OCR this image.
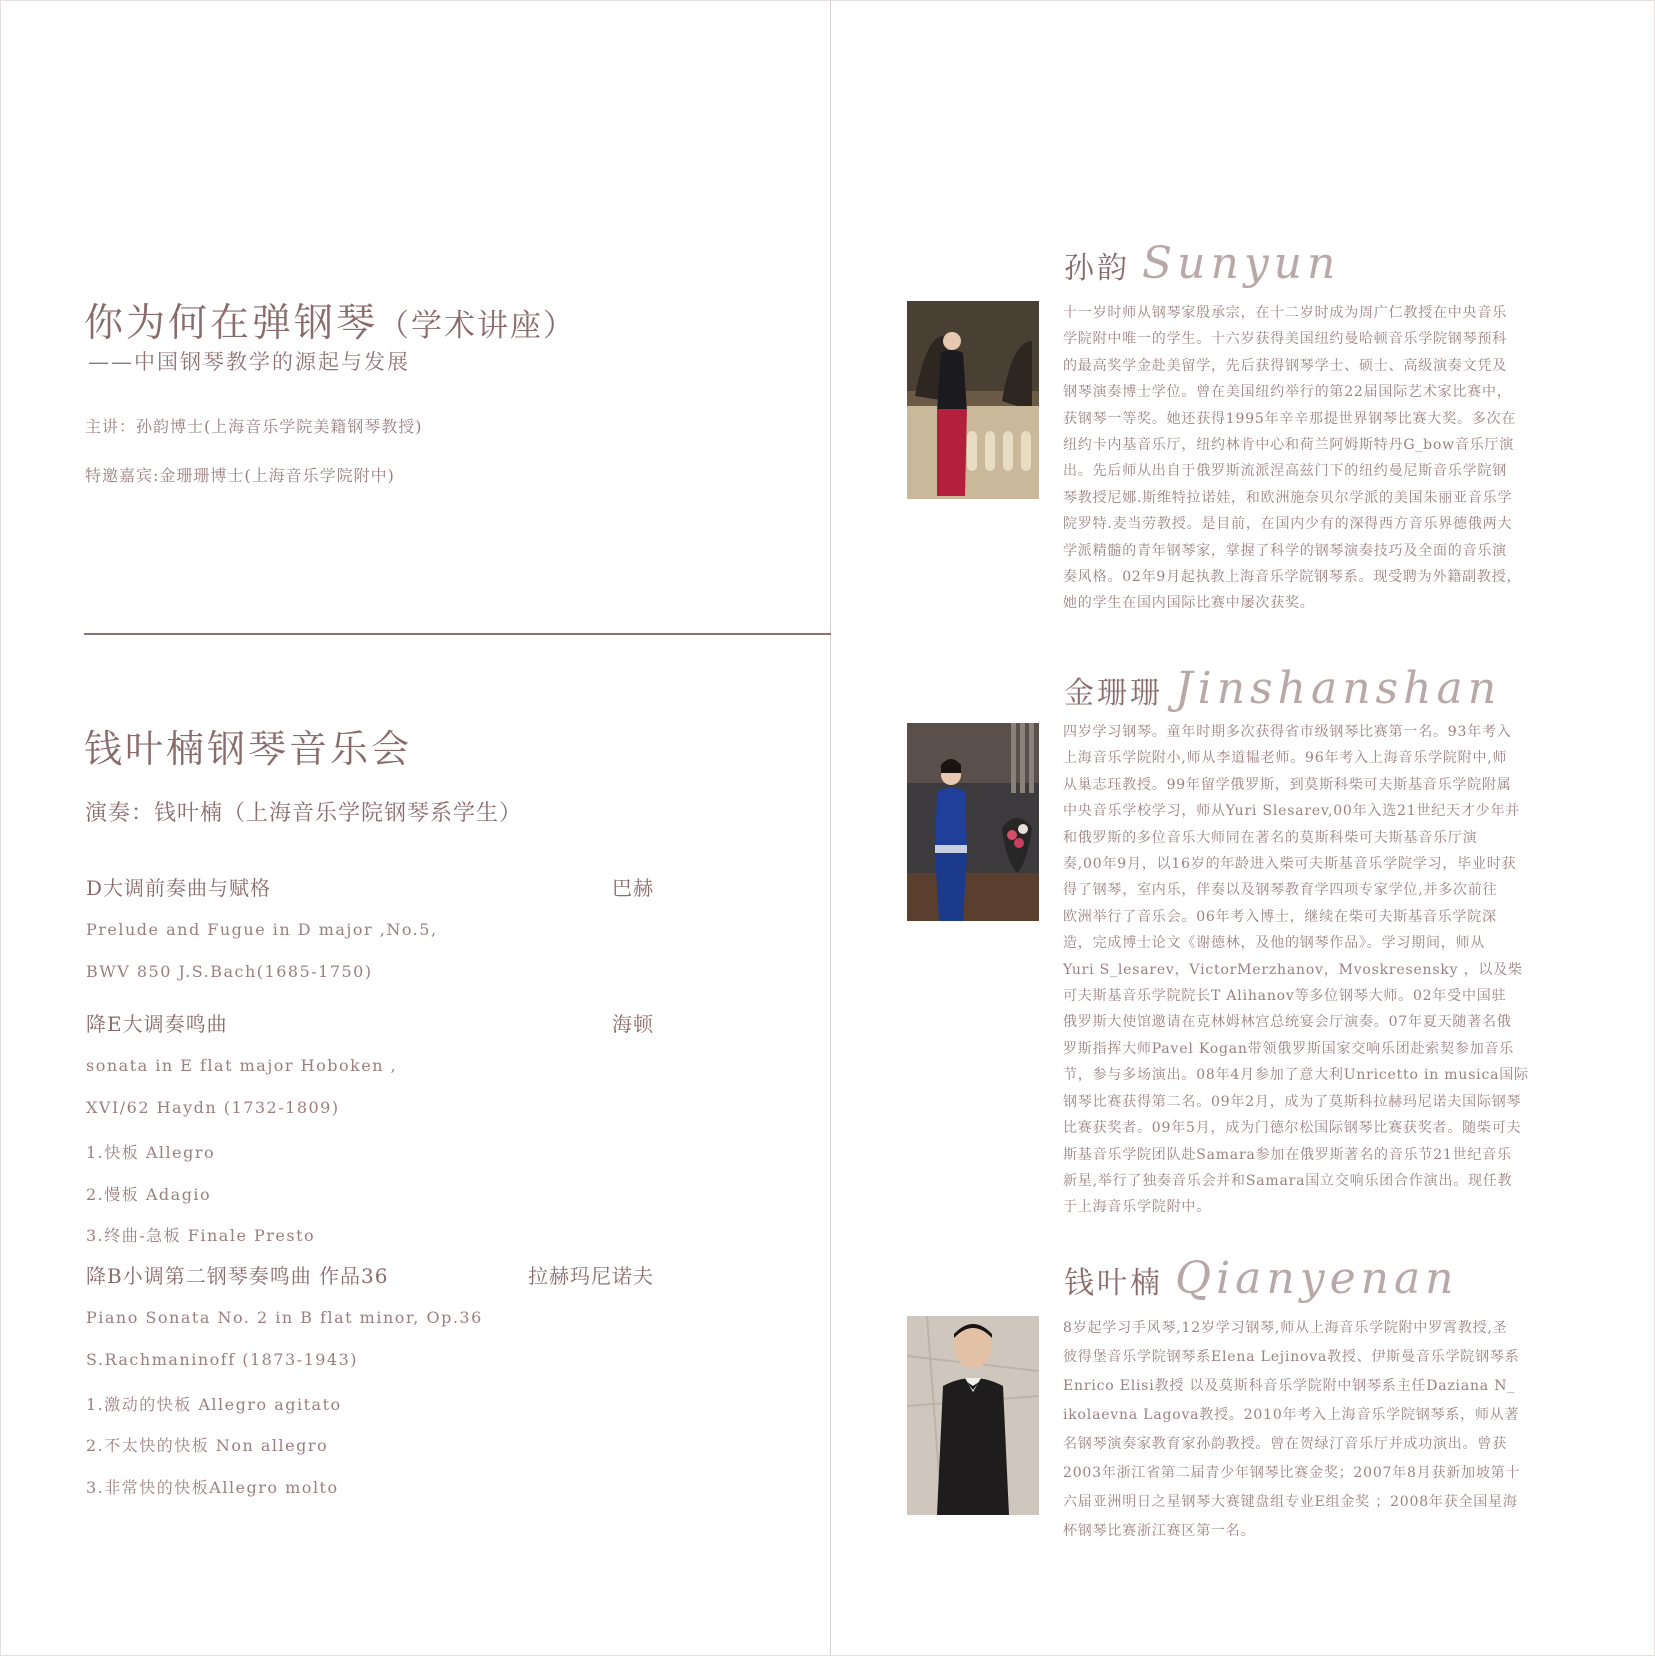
你为何在弹钢琴（学术讲座）
——中国钢琴教学的源起与发展
主讲：孙韵博士(上海音乐学院美籍钢琴教授)
特邀嘉宾:金珊珊博士(上海音乐学院附中)
钱叶楠钢琴音乐会
演奏：钱叶楠（上海音乐学院钢琴系学生）
D大调前奏曲与赋格	巴赫
Prelude and Fugue in D major ,No.5,
BWV 850 J.S.Bach(1685-1750)
降E大调奏鸣曲	海顿
sonata in E flat major Hoboken ,
XVI/62 Haydn (1732-1809)
1.快板 Allegro
2.慢板 Adagio
3.终曲-急板 Finale Presto
降B小调第二钢琴奏鸣曲 作品36	拉赫玛尼诺夫
Piano Sonata No. 2 in B flat minor, Op.36
S.Rachmaninoff (1873-1943)
1.激动的快板 Allegro agitato
2.不太快的快板 Non allegro
3.非常快的快板Allegro molto
孙韵 Sunyun

十一岁时师从钢琴家殷承宗，在十二岁时成为周广仁教授在中央音乐

学院附中唯一的学生。十六岁获得美国纽约曼哈顿音乐学院钢琴预科

的最高奖学金赴美留学，先后获得钢琴学士、硕士、高级演奏文凭及

钢琴演奏博士学位。曾在美国纽约举行的第22届国际艺术家比赛中，

获钢琴一等奖。她还获得1995年辛辛那提世界钢琴比赛大奖。多次在

纽约卡内基音乐厅，纽约林肯中心和荷兰阿姆斯特丹G_bow音乐厅演

出。先后师从出自于俄罗斯流派涅高兹门下的纽约曼尼斯音乐学院钢

琴教授尼娜.斯维特拉诺娃，和欧洲施奈贝尔学派的美国朱丽亚音乐学

院罗特.麦当劳教授。是目前，在国内少有的深得西方音乐界德俄两大

学派精髓的青年钢琴家，掌握了科学的钢琴演奏技巧及全面的音乐演

奏风格。02年9月起执教上海音乐学院钢琴系。现受聘为外籍副教授，

她的学生在国内国际比赛中屡次获奖。

金珊珊 Jinshanshan

四岁学习钢琴。童年时期多次获得省市级钢琴比赛第一名。93年考入

上海音乐学院附小,师从李道韫老师。96年考入上海音乐学院附中,师

从巢志珏教授。99年留学俄罗斯，到莫斯科柴可夫斯基音乐学院附属

中央音乐学校学习，师从Yuri Slesarev,00年入选21世纪天才少年并

和俄罗斯的多位音乐大师同在著名的莫斯科柴可夫斯基音乐厅演

奏,00年9月，以16岁的年龄进入柴可夫斯基音乐学院学习，毕业时获

得了钢琴，室内乐，伴奏以及钢琴教育学四项专家学位,并多次前往

欧洲举行了音乐会。06年考入博士，继续在柴可夫斯基音乐学院深

造，完成博士论文《谢德林，及他的钢琴作品》。学习期间，师从

Yuri S_lesarev，VictorMerzhanov，Mvoskresensky ，以及柴

可夫斯基音乐学院院长T Alihanov等多位钢琴大师。02年受中国驻

俄罗斯大使馆邀请在克林姆林宫总统宴会厅演奏。07年夏天随著名俄

罗斯指挥大师Pavel Kogan带领俄罗斯国家交响乐团赴索契参加音乐

节，参与多场演出。08年4月参加了意大利Unricetto in musica国际

钢琴比赛获得第二名。09年2月，成为了莫斯科拉赫玛尼诺夫国际钢琴

比赛获奖者。09年5月，成为门德尔松国际钢琴比赛获奖者。随柴可夫

斯基音乐学院团队赴Samara参加在俄罗斯著名的音乐节21世纪音乐

新星,举行了独奏音乐会并和Samara国立交响乐团合作演出。现任教

于上海音乐学院附中。

钱叶楠 Qianyenan

8岁起学习手风琴,12岁学习钢琴,师从上海音乐学院附中罗霄教授,圣

彼得堡音乐学院钢琴系Elena Lejinova教授、伊斯曼音乐学院钢琴系

Enrico Elisi教授 以及莫斯科音乐学院附中钢琴系主任Daziana N_

ikolaevna Lagova教授。2010年考入上海音乐学院钢琴系，师从著

名钢琴演奏家教育家孙韵教授。曾在贺绿汀音乐厅并成功演出。曾获

2003年浙江省第二届青少年钢琴比赛金奖；2007年8月获新加坡第十

六届亚洲明日之星钢琴大赛键盘组专业E组金奖 ；2008年获全国星海

杯钢琴比赛浙江赛区第一名。
